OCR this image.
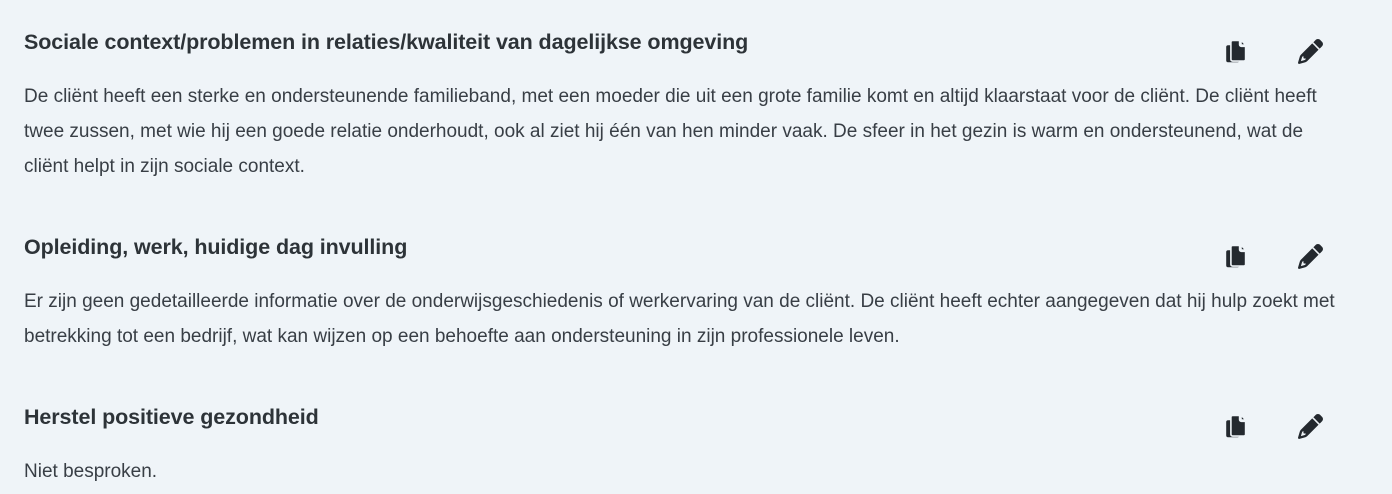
Sociale context/problemen in relaties/kwaliteit van dagelijkse omgeving

De cliënt heeft een sterke en ondersteunende familieband, met een moeder die uit een grote familie komt en altijd klaarstaat voor de cliënt. De cliënt heeft twee zussen, met wie hij een goede relatie onderhoudt, ook al ziet hij één van hen minder vaak. De sfeer in het gezin is warm en ondersteunend, wat de cliënt helpt in zijn sociale context.

Opleiding, werk, huidige dag invulling

Er zijn geen gedetailleerde informatie over de onderwijsgeschiedenis of werkervaring van de cliënt. De cliënt heeft echter aangegeven dat hij hulp zoekt met betrekking tot een bedrijf, wat kan wijzen op een behoefte aan ondersteuning in zijn professionele leven.

Herstel positieve gezondheid

Niet besproken.
